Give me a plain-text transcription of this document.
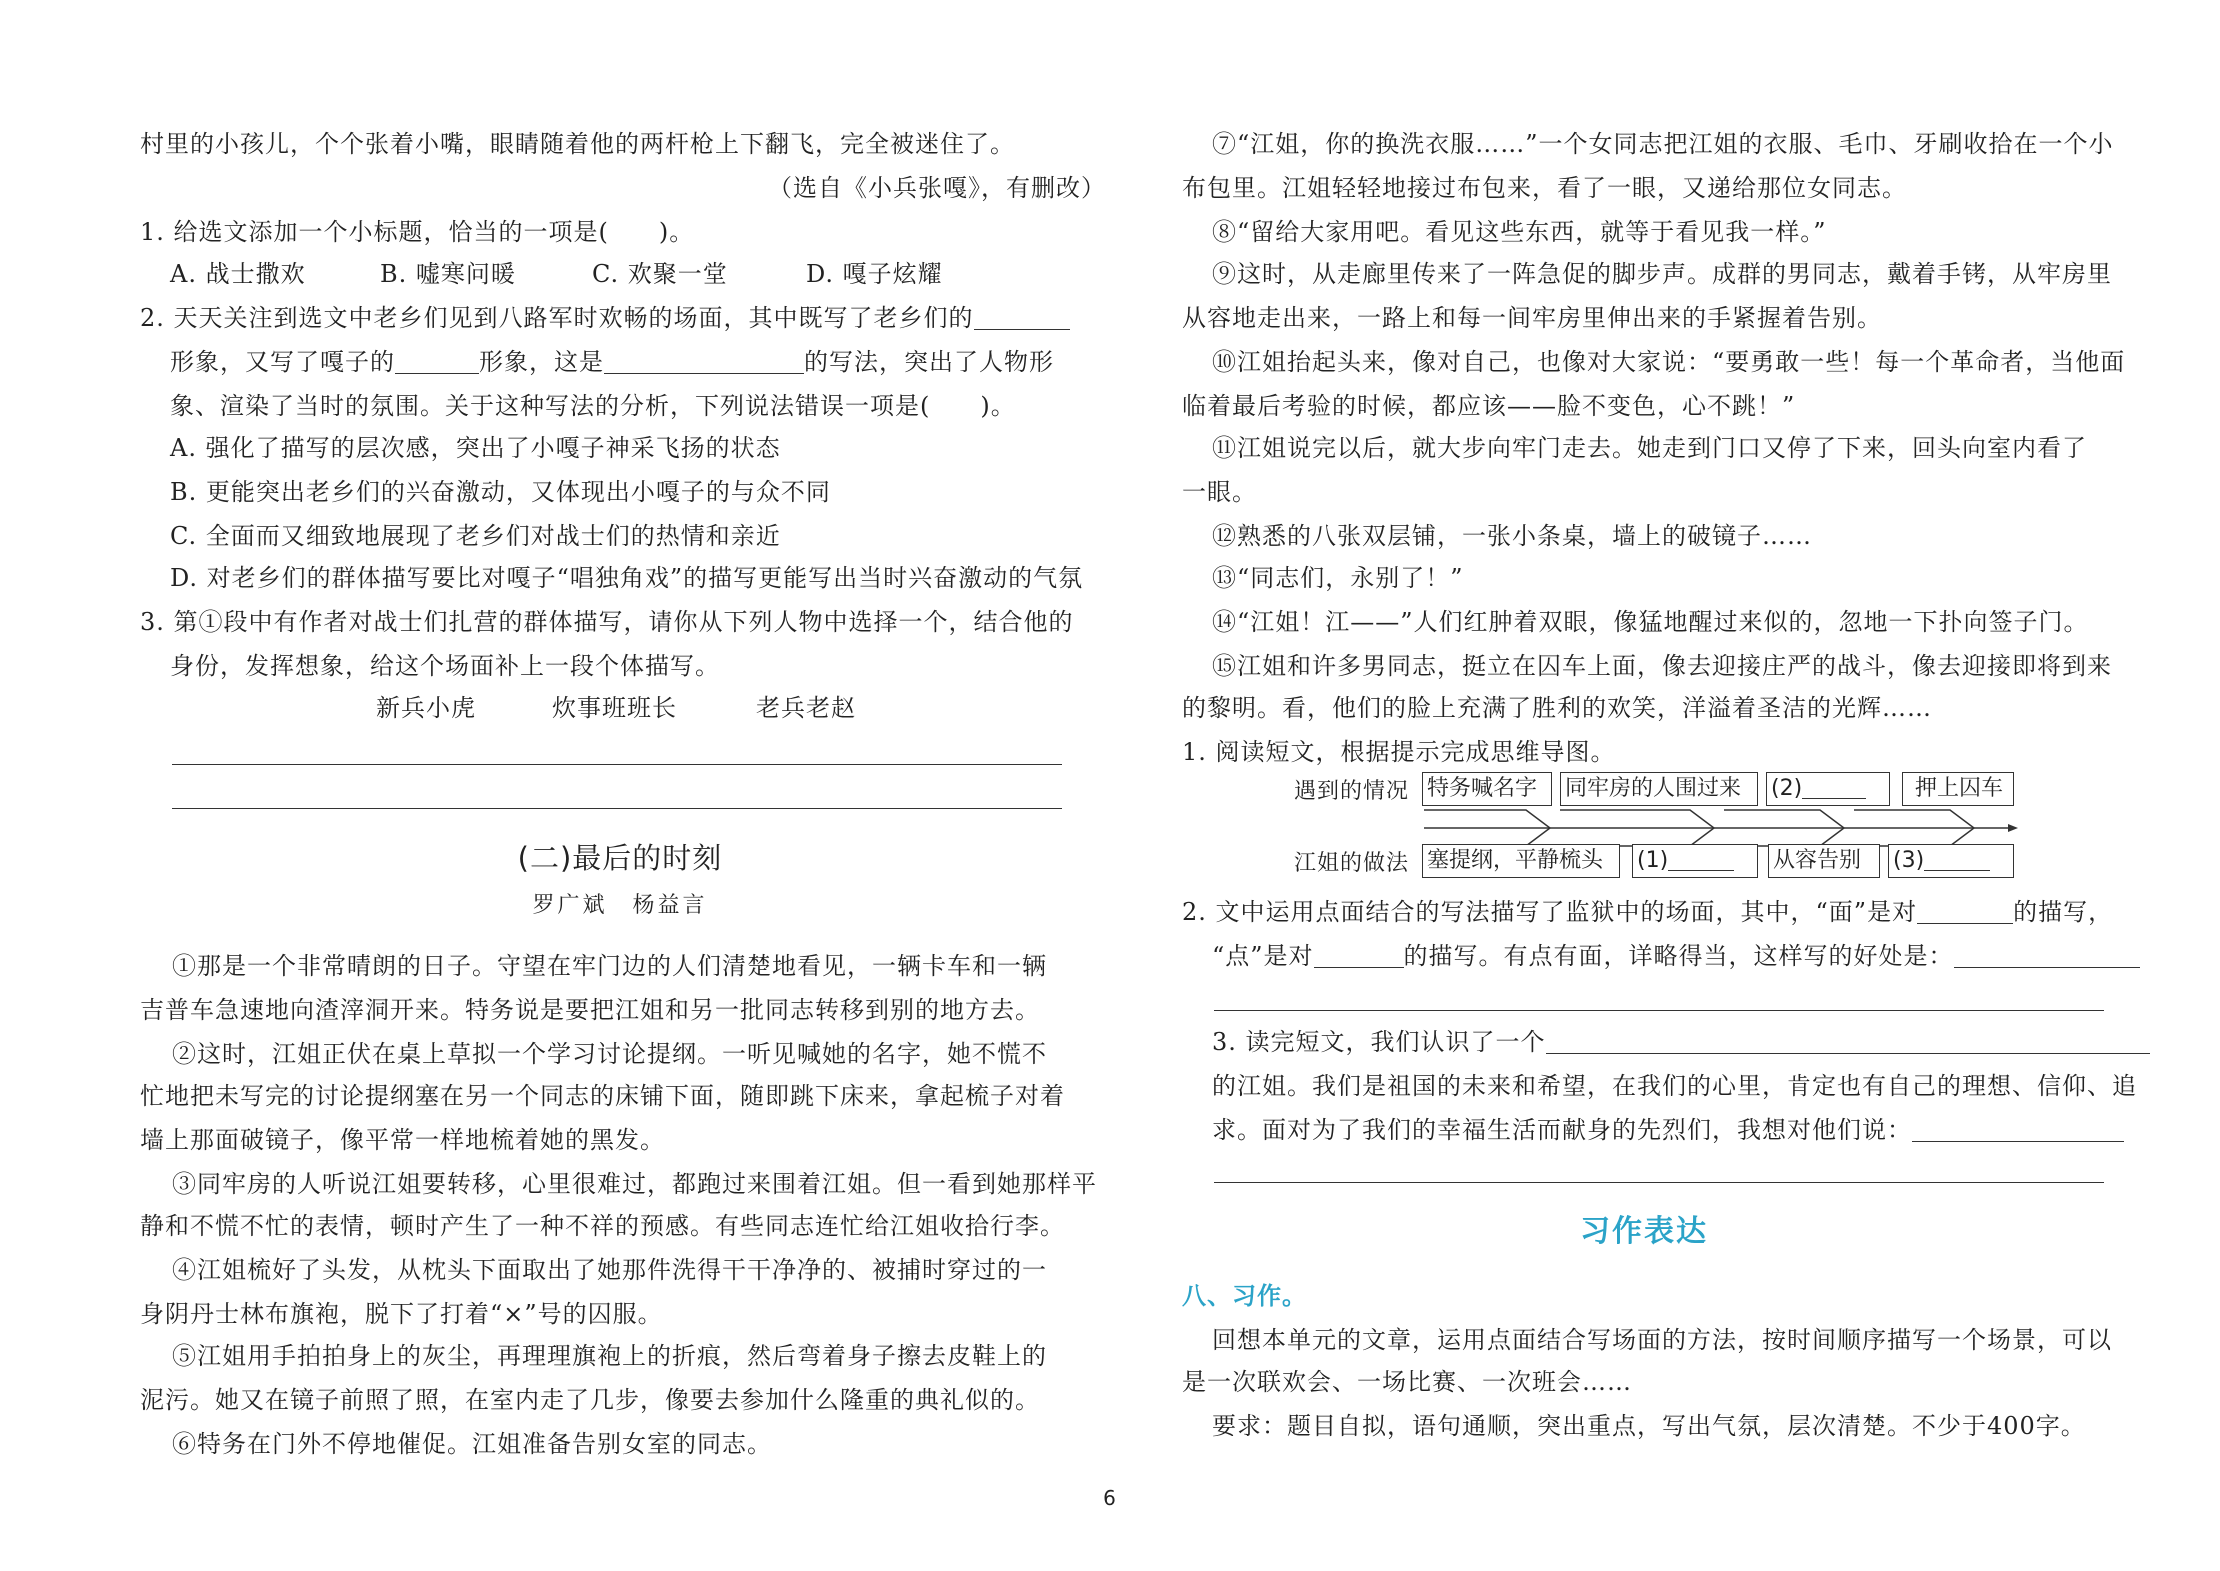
村里的小孩儿，个个张着小嘴，眼睛随着他的两杆枪上下翻飞，完全被迷住了。
（选自《小兵张嘎》，有删改）
1. 给选文添加一个小标题，恰当的一项是(　　)。
A. 战士撒欢	B. 嘘寒问暖	C. 欢聚一堂	D. 嘎子炫耀
2. 天天关注到选文中老乡们见到八路军时欢畅的场面，其中既写了老乡们的
形象，又写了嘎子的	形象，这是	的写法，突出了人物形
象、渲染了当时的氛围。关于这种写法的分析，下列说法错误一项是(　　)。
A. 强化了描写的层次感，突出了小嘎子神采飞扬的状态
B. 更能突出老乡们的兴奋激动，又体现出小嘎子的与众不同
C. 全面而又细致地展现了老乡们对战士们的热情和亲近
D. 对老乡们的群体描写要比对嘎子“唱独角戏”的描写更能写出当时兴奋激动的气氛
3. 第①段中有作者对战士们扎营的群体描写，请你从下列人物中选择一个，结合他的
身份，发挥想象，给这个场面补上一段个体描写。
新兵小虎	炊事班班长	老兵老赵
(二)最后的时刻
罗广斌　杨益言
①那是一个非常晴朗的日子。守望在牢门边的人们清楚地看见，一辆卡车和一辆
吉普车急速地向渣滓洞开来。特务说是要把江姐和另一批同志转移到别的地方去。
②这时，江姐正伏在桌上草拟一个学习讨论提纲。一听见喊她的名字，她不慌不
忙地把未写完的讨论提纲塞在另一个同志的床铺下面，随即跳下床来，拿起梳子对着
墙上那面破镜子，像平常一样地梳着她的黑发。
③同牢房的人听说江姐要转移，心里很难过，都跑过来围着江姐。但一看到她那样平
静和不慌不忙的表情，顿时产生了一种不祥的预感。有些同志连忙给江姐收拾行李。
④江姐梳好了头发，从枕头下面取出了她那件洗得干干净净的、被捕时穿过的一
身阴丹士林布旗袍，脱下了打着“×”号的囚服。
⑤江姐用手拍拍身上的灰尘，再理理旗袍上的折痕，然后弯着身子擦去皮鞋上的
泥污。她又在镜子前照了照，在室内走了几步，像要去参加什么隆重的典礼似的。
⑥特务在门外不停地催促。江姐准备告别女室的同志。
⑦“江姐，你的换洗衣服……”一个女同志把江姐的衣服、毛巾、牙刷收拾在一个小
布包里。江姐轻轻地接过布包来，看了一眼，又递给那位女同志。
⑧“留给大家用吧。看见这些东西，就等于看见我一样。”
⑨这时，从走廊里传来了一阵急促的脚步声。成群的男同志，戴着手铐，从牢房里
从容地走出来，一路上和每一间牢房里伸出来的手紧握着告别。
⑩江姐抬起头来，像对自己，也像对大家说：“要勇敢一些！每一个革命者，当他面
临着最后考验的时候，都应该——脸不变色，心不跳！”
⑪江姐说完以后，就大步向牢门走去。她走到门口又停了下来，回头向室内看了
一眼。
⑫熟悉的八张双层铺，一张小条桌，墙上的破镜子……
⑬“同志们，永别了！”
⑭“江姐！江——”人们红肿着双眼，像猛地醒过来似的，忽地一下扑向签子门。
⑮江姐和许多男同志，挺立在囚车上面，像去迎接庄严的战斗，像去迎接即将到来
的黎明。看，他们的脸上充满了胜利的欢笑，洋溢着圣洁的光辉……
1. 阅读短文，根据提示完成思维导图。
遇到的情况
江姐的做法
特务喊名字	同牢房的人围过来	(2)	押上囚车
塞提纲，平静梳头	(1)	从容告别	(3)
2. 文中运用点面结合的写法描写了监狱中的场面，其中，“面”是对	的描写，
“点”是对	的描写。有点有面，详略得当，这样写的好处是：
3. 读完短文，我们认识了一个
的江姐。我们是祖国的未来和希望，在我们的心里，肯定也有自己的理想、信仰、追
求。面对为了我们的幸福生活而献身的先烈们，我想对他们说：
习作表达
八、习作。
回想本单元的文章，运用点面结合写场面的方法，按时间顺序描写一个场景，可以
是一次联欢会、一场比赛、一次班会……
要求：题目自拟，语句通顺，突出重点，写出气氛，层次清楚。不少于400字。
6
